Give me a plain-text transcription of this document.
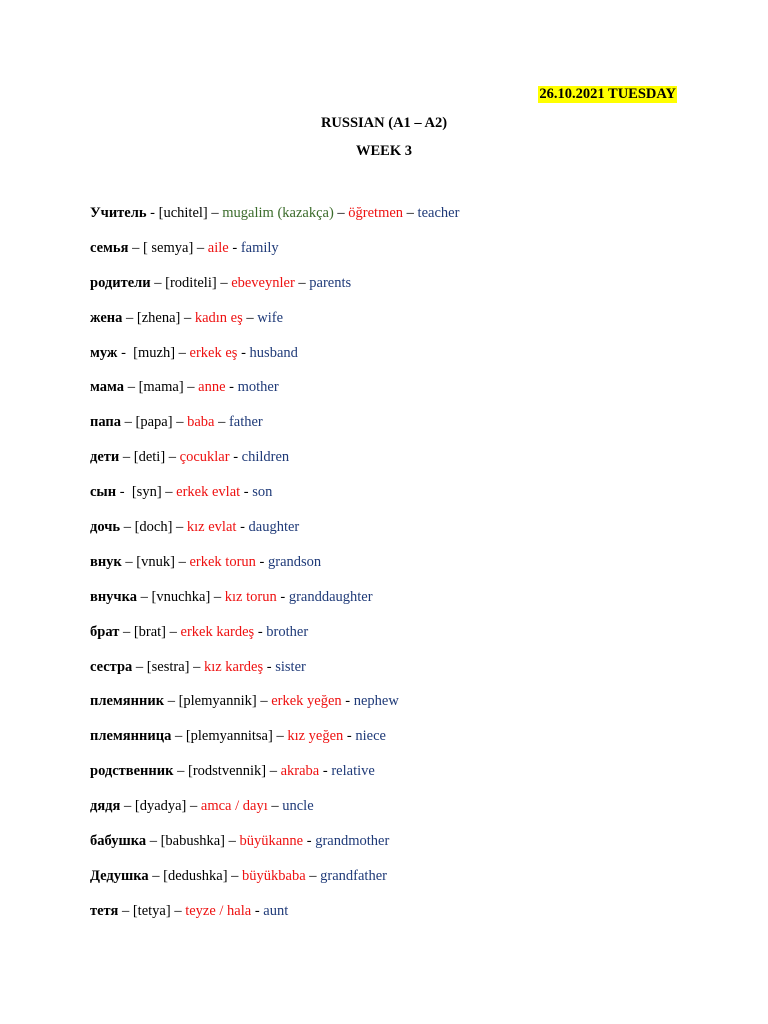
26.10.2021 TUESDAY
RUSSIAN (A1 – A2)
WEEK 3
Учитель - [uchitel] – mugalim (kazakça) – öğretmen – teacher
семья – [ semya] – aile - family
родители – [roditeli] – ebeveynler – parents
жена – [zhena] – kadın eş – wife
муж -  [muzh] – erkek eş - husband
мама – [mama] – anne - mother
папа – [papa] – baba – father
дети – [deti] – çocuklar - children
сын -  [syn] – erkek evlat - son
дочь – [doch] – kız evlat - daughter
внук – [vnuk] – erkek torun - grandson
внучка – [vnuchka] – kız torun - granddaughter
брат – [brat] – erkek kardeş - brother
сестра – [sestra] – kız kardeş - sister
племянник – [plemyannik] – erkek yeğen - nephew
племянница – [plemyannitsa] – kız yeğen - niece
родственник – [rodstvennik] – akraba - relative
дядя – [dyadya] – amca / dayı – uncle
бабушка – [babushka] – büyükanne - grandmother
Дедушка – [dedushka] – büyükbaba – grandfather
тетя – [tetya] – teyze / hala - aunt
